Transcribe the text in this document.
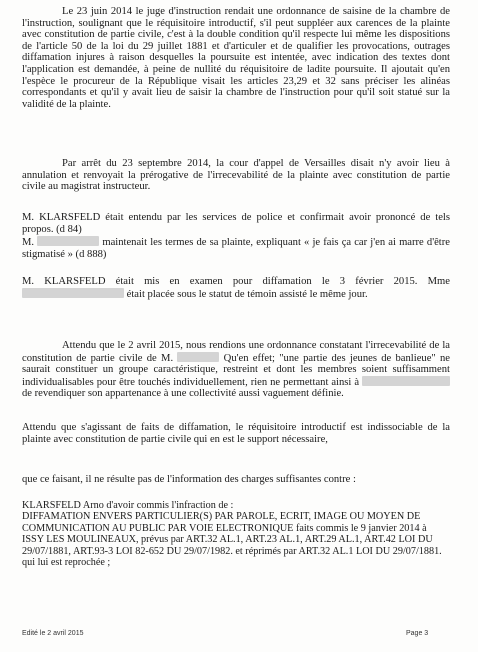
Le 23 juin 2014 le juge d'instruction rendait une ordonnance de saisine de la chambre de l'instruction, soulignant que le réquisitoire introductif, s'il peut suppléer aux carences de la plainte avec constitution de partie civile, c'est à la double condition qu'il respecte lui même les dispositions de l'article 50 de la loi du 29 juillet 1881 et d'articuler et de qualifier les provocations, outrages diffamation injures à raison desquelles la poursuite est intentée, avec indication des textes dont l'application est demandée, à peine de nullité du réquisitoire de ladite poursuite. Il ajoutait qu'en l'espèce le procureur de la République visait les articles 23,29 et 32 sans préciser les alinéas correspondants et qu'il y avait lieu de saisir la chambre de l'instruction pour qu'il soit statué sur la validité de la plainte.

Par arrêt du 23 septembre 2014, la cour d'appel de Versailles disait n'y avoir lieu à annulation et renvoyait la prérogative de l'irrecevabilité de la plainte avec constitution de partie civile au magistrat instructeur.

M. KLARSFELD était entendu par les services de police et confirmait avoir prononcé de tels propos. (d 84)

M.	maintenait les termes de sa plainte, expliquant « je fais ça car j'en ai marre d'être stigmatisé » (d 888)

M. KLARSFELD était mis en examen pour diffamation le 3 février 2015. Mme  était placée sous le statut de témoin assisté le même jour.

Attendu que le 2 avril 2015, nous rendions une ordonnance constatant l'irrecevabilité de la constitution de partie civile de M.	Qu'en effet; "une partie des jeunes de banlieue" ne saurait constituer un groupe caractéristique, restreint et dont les membres soient suffisamment individualisables pour être touchés individuellement, rien ne permettant ainsi à  de revendiquer son appartenance à une collectivité aussi vaguement définie.

Attendu que s'agissant de faits de diffamation, le réquisitoire introductif est indissociable de la plainte avec constitution de partie civile qui en est le support nécessaire,

que ce faisant, il ne résulte pas de l'information des charges suffisantes contre :

KLARSFELD Arno d'avoir commis l'infraction de :
DIFFAMATION ENVERS PARTICULIER(S) PAR PAROLE, ECRIT, IMAGE OU MOYEN DE COMMUNICATION AU PUBLIC PAR VOIE ELECTRONIQUE faits commis le 9 janvier 2014 à ISSY LES MOULINEAUX, prévus par ART.32 AL.1, ART.23 AL.1, ART.29 AL.1, ART.42 LOI DU 29/07/1881, ART.93-3 LOI 82-652 DU 29/07/1982. et réprimés par ART.32 AL.1 LOI DU 29/07/1881.
qui lui est reprochée ;
Edité le 2 avril 2015	Page 3
